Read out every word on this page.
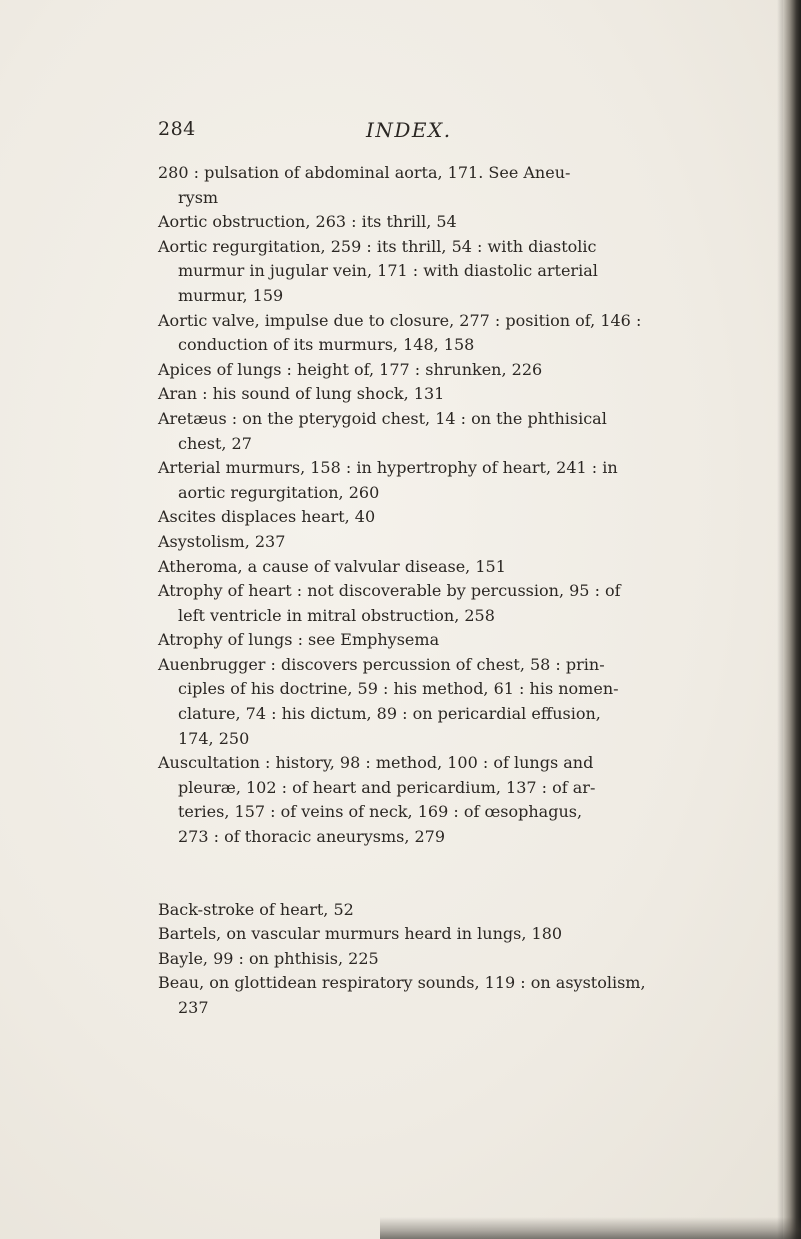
284	INDEX.

280 : pulsation of abdominal aorta, 171. See Aneu-
rysm

Aortic obstruction, 263 : its thrill, 54

Aortic regurgitation, 259 : its thrill, 54 : with diastolic
murmur in jugular vein, 171 : with diastolic arterial
murmur, 159

Aortic valve, impulse due to closure, 277 : position of, 146 :
conduction of its murmurs, 148, 158

Apices of lungs : height of, 177 : shrunken, 226

Aran : his sound of lung shock, 131

Aretæus : on the pterygoid chest, 14 : on the phthisical
chest, 27

Arterial murmurs, 158 : in hypertrophy of heart, 241 : in
aortic regurgitation, 260

Ascites displaces heart, 40

Asystolism, 237

Atheroma, a cause of valvular disease, 151

Atrophy of heart : not discoverable by percussion, 95 : of
left ventricle in mitral obstruction, 258

Atrophy of lungs : see Emphysema

Auenbrugger : discovers percussion of chest, 58 : prin-
ciples of his doctrine, 59 : his method, 61 : his nomen-
clature, 74 : his dictum, 89 : on pericardial effusion,
174, 250

Auscultation : history, 98 : method, 100 : of lungs and
pleuræ, 102 : of heart and pericardium, 137 : of ar-
teries, 157 : of veins of neck, 169 : of œsophagus,
273 : of thoracic aneurysms, 279

Back-stroke of heart, 52

Bartels, on vascular murmurs heard in lungs, 180

Bayle, 99 : on phthisis, 225

Beau, on glottidean respiratory sounds, 119 : on asystolism,
237
